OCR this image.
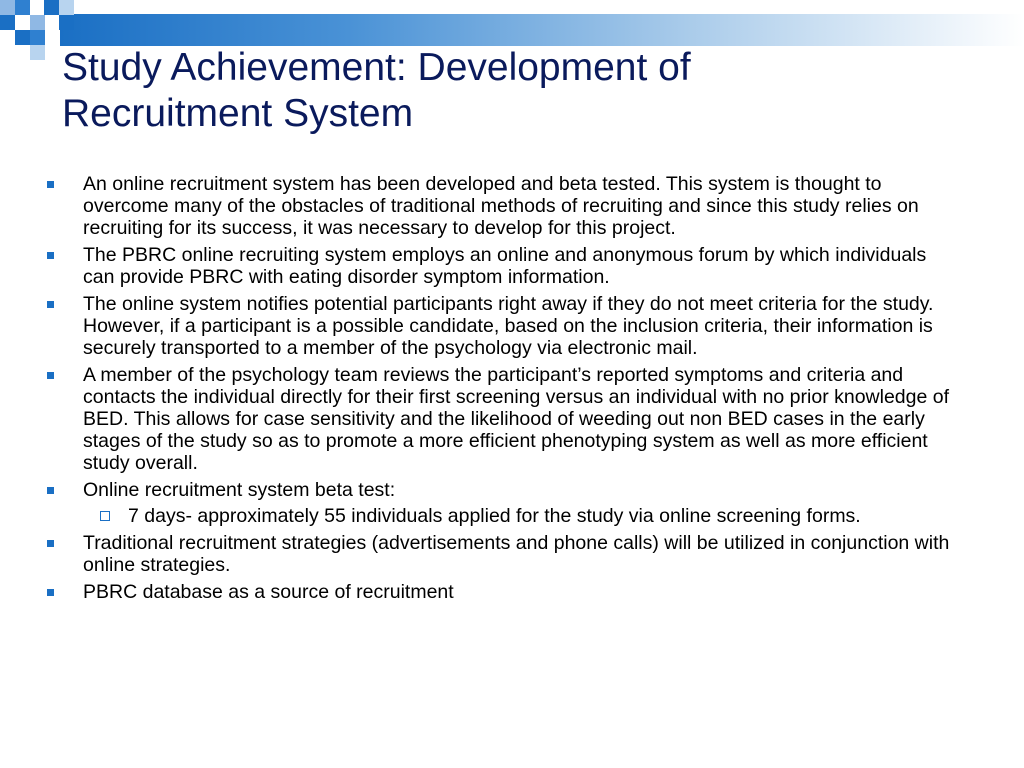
Study Achievement: Development of
Recruitment System
An online recruitment system has been developed and beta tested. This system is thought to overcome many of the obstacles of traditional methods of recruiting and since this study relies on recruiting for its success, it was necessary to develop for this project.
The PBRC online recruiting system employs an online and anonymous forum by which individuals can provide PBRC with eating disorder symptom information.
The online system notifies potential participants right away if they do not meet criteria for the study. However, if a participant is a possible candidate, based on the inclusion criteria, their information is securely transported to a member of the psychology via electronic mail.
A member of the psychology team reviews the participant’s reported symptoms and criteria and contacts the individual directly for their first screening versus an individual with no prior knowledge of BED. This allows for case sensitivity and the likelihood of weeding out non BED cases in the early stages of the study so as to promote a more efficient phenotyping system as well as more efficient study overall.
Online recruitment system beta test:
7 days- approximately 55 individuals applied for the study via online screening forms.
Traditional recruitment strategies (advertisements and phone calls) will be utilized in conjunction with online strategies.
PBRC database as a source of recruitment
